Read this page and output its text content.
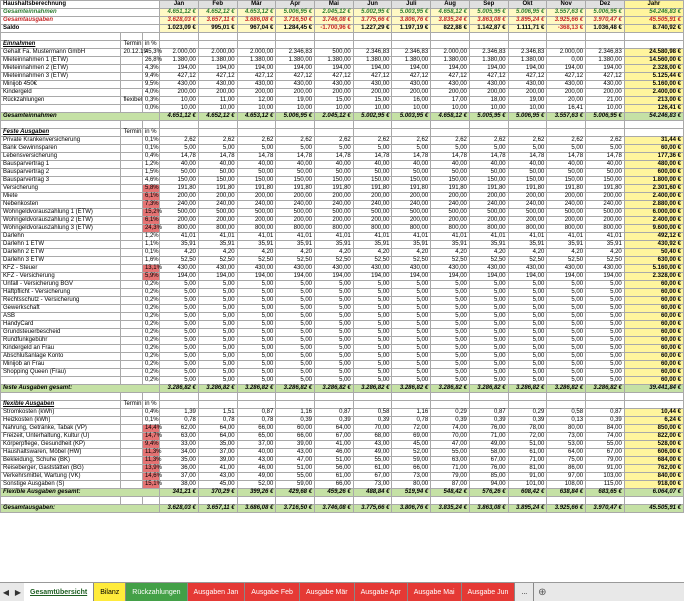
Haushaltsberechnung			Jan	Feb	Mär	Apr	Mai	Jun	Juli	Aug	Sep	Okt	Nov	Dez	Jahr
Gesamteinnahmen			4.651,12 €	4.652,12 €	4.653,12 €	5.006,95 €	2.045,12 €	5.002,95 €	5.003,95 €	4.658,12 €	5.005,95 €	5.006,95 €	3.557,63 €	5.006,95 €	54.246,83 €
Gesamtausgaben			3.628,03 €	3.657,11 €	3.686,08 €	3.716,50 €	3.746,08 €	3.775,66 €	3.806,76 €	3.835,24 €	3.863,08 €	3.895,24 €	3.925,66 €	3.970,47 €	45.505,91 €
Saldo			1.023,09 €	995,01 €	967,04 €	1.284,45 €	-1.700,96 €	1.227,29 €	1.197,19 €	822,88 €	1.142,87 €	1.111,71 €	-368,13 €	1.036,48 €	8.740,92 €

Einnahmen	Termin	in %													
Gehalt Fa. Mustermann GmbH	20.12.19	45,3%	2.000,00	2.000,00	2.000,00	2.346,83	500,00	2.346,83	2.346,83	2.000,00	2.346,83	2.346,83	2.000,00	2.346,83	24.580,98 €
Mieteinnahmen 1 (ETW)		26,8%	1.380,00	1.380,00	1.380,00	1.380,00	1.380,00	1.380,00	1.380,00	1.380,00	1.380,00	1.380,00	0,00	1.380,00	14.560,00 €
Mieteinnahmen 2 (ETW)		4,3%	194,00	194,00	194,00	194,00	194,00	194,00	194,00	194,00	194,00	194,00	194,00	194,00	2.328,00 €
Mieteinnahmen 3 (ETW)		9,4%	427,12	427,12	427,12	427,12	427,12	427,12	427,12	427,12	427,12	427,12	427,12	427,12	5.125,44 €
Minijob 450€		9,5%	430,00	430,00	430,00	430,00	430,00	430,00	430,00	430,00	430,00	430,00	430,00	430,00	5.160,00 €
Kindergeld		4,0%	200,00	200,00	200,00	200,00	200,00	200,00	200,00	200,00	200,00	200,00	200,00	200,00	2.400,00 €
Rückzahlungen	flexibel	0,3%	10,00	11,00	12,00	19,00	15,00	15,00	16,00	17,00	18,00	19,00	20,00	21,00	213,00 €
		0,0%	10,00	10,00	10,00	10,00	10,00	10,00	10,00	10,00	10,00	10,00	16,41	10,00	126,41 €
Gesamteinnahmen			4.651,12 €	4.652,12 €	4.653,12 €	5.006,95 €	2.045,12 €	5.002,95 €	5.003,95 €	4.658,12 €	5.005,95 €	5.006,95 €	3.557,63 €	5.006,95 €	54.246,83 €

Feste Ausgaben	Termin	in %													
Private Krankenversicherung		0,1%	2,62	2,62	2,62	2,62	2,62	2,62	2,62	2,62	2,62	2,62	2,62	2,62	31,44 €
Bank Gewinnsparen		0,1%	5,00	5,00	5,00	5,00	5,00	5,00	5,00	5,00	5,00	5,00	5,00	5,00	60,00 €
Lebensversicherung		0,4%	14,78	14,78	14,78	14,78	14,78	14,78	14,78	14,78	14,78	14,78	14,78	14,78	177,36 €
Bausparvertrag 1		1,2%	40,00	40,00	40,00	40,00	40,00	40,00	40,00	40,00	40,00	40,00	40,00	40,00	480,00 €
Bausparvertrag 2		1,5%	50,00	50,00	50,00	50,00	50,00	50,00	50,00	50,00	50,00	50,00	50,00	50,00	600,00 €
Bausparvertrag 3		4,6%	150,00	150,00	150,00	150,00	150,00	150,00	150,00	150,00	150,00	150,00	150,00	150,00	1.800,00 €
Versicherung		5,8%	191,80	191,80	191,80	191,80	191,80	191,80	191,80	191,80	191,80	191,80	191,80	191,80	2.301,60 €
Miete		6,1%	200,00	200,00	200,00	200,00	200,00	200,00	200,00	200,00	200,00	200,00	200,00	200,00	2.400,00 €
Nebenkosten		7,3%	240,00	240,00	240,00	240,00	240,00	240,00	240,00	240,00	240,00	240,00	240,00	240,00	2.880,00 €
Wohngeldvorauszahlung 1 (ETW)		15,2%	500,00	500,00	500,00	500,00	500,00	500,00	500,00	500,00	500,00	500,00	500,00	500,00	6.000,00 €
Wohngeldvorauszahlung 2 (ETW)		6,1%	200,00	200,00	200,00	200,00	200,00	200,00	200,00	200,00	200,00	200,00	200,00	200,00	2.400,00 €
Wohngeldvorauszahlung 3 (ETW)		24,3%	800,00	800,00	800,00	800,00	800,00	800,00	800,00	800,00	800,00	800,00	800,00	800,00	9.600,00 €
Darlehn		1,2%	41,01	41,01	41,01	41,01	41,01	41,01	41,01	41,01	41,01	41,01	41,01	41,01	492,12 €
Darlehn 1 ETW		1,1%	35,91	35,91	35,91	35,91	35,91	35,91	35,91	35,91	35,91	35,91	35,91	35,91	430,92 €
Darlehn 2 ETW		0,1%	4,20	4,20	4,20	4,20	4,20	4,20	4,20	4,20	4,20	4,20	4,20	4,20	50,40 €
Darlehn 3 ETW		1,6%	52,50	52,50	52,50	52,50	52,50	52,50	52,50	52,50	52,50	52,50	52,50	52,50	630,00 €
KFZ - Steuer		13,1%	430,00	430,00	430,00	430,00	430,00	430,00	430,00	430,00	430,00	430,00	430,00	430,00	5.160,00 €
KFZ - Versicherung		5,9%	194,00	194,00	194,00	194,00	194,00	194,00	194,00	194,00	194,00	194,00	194,00	194,00	2.328,00 €
Unfall - Versicherung BGV		0,2%	5,00	5,00	5,00	5,00	5,00	5,00	5,00	5,00	5,00	5,00	5,00	5,00	60,00 €
Haftpflicht - Versicherung		0,2%	5,00	5,00	5,00	5,00	5,00	5,00	5,00	5,00	5,00	5,00	5,00	5,00	60,00 €
Rechtsschutz - Versicherung		0,2%	5,00	5,00	5,00	5,00	5,00	5,00	5,00	5,00	5,00	5,00	5,00	5,00	60,00 €
Gewerkschaft		0,2%	5,00	5,00	5,00	5,00	5,00	5,00	5,00	5,00	5,00	5,00	5,00	5,00	60,00 €
ASB		0,2%	5,00	5,00	5,00	5,00	5,00	5,00	5,00	5,00	5,00	5,00	5,00	5,00	60,00 €
HandyCard		0,2%	5,00	5,00	5,00	5,00	5,00	5,00	5,00	5,00	5,00	5,00	5,00	5,00	60,00 €
Grundsteuerbescheid		0,2%	5,00	5,00	5,00	5,00	5,00	5,00	5,00	5,00	5,00	5,00	5,00	5,00	60,00 €
Rundfunkgebühr		0,2%	5,00	5,00	5,00	5,00	5,00	5,00	5,00	5,00	5,00	5,00	5,00	5,00	60,00 €
Kindergeld an Frau		0,2%	5,00	5,00	5,00	5,00	5,00	5,00	5,00	5,00	5,00	5,00	5,00	5,00	60,00 €
Abschlußanlage Konto		0,2%	5,00	5,00	5,00	5,00	5,00	5,00	5,00	5,00	5,00	5,00	5,00	5,00	60,00 €
Minijob an Frau		0,2%	5,00	5,00	5,00	5,00	5,00	5,00	5,00	5,00	5,00	5,00	5,00	5,00	60,00 €
Shopping Queen (Frau)		0,2%	5,00	5,00	5,00	5,00	5,00	5,00	5,00	5,00	5,00	5,00	5,00	5,00	60,00 €
		0,2%	5,00	5,00	5,00	5,00	5,00	5,00	5,00	5,00	5,00	5,00	5,00	5,00	60,00 €
feste Ausgaben gesamt:			3.286,82 €	3.286,82 €	3.286,82 €	3.286,82 €	3.286,82 €	3.286,82 €	3.286,82 €	3.286,82 €	3.286,82 €	3.286,82 €	3.286,82 €	3.286,82 €	39.441,84 €

flexible Ausgaben	Termin	in %													
Stromkosten (kWh)		0,4%	1,39	1,51	0,87	1,16	0,87	0,58	1,16	0,29	0,87	0,29	0,58	0,87	10,44 €
Heizkosten (kWh)		0,1%	0,78	0,78	0,78	0,39	0,39	0,39	0,78	0,39	0,39	0,39	0,13	0,39	6,24 €
Nahrung, Getränke, Tabak (VP)		14,4%	62,00	64,00	66,00	60,00	64,00	70,00	72,00	74,00	76,00	78,00	80,00	84,00	850,00 €
Freizeit, Unterhaltung, Kultur (U)		14,7%	63,00	64,00	65,00	66,00	67,00	68,00	69,00	70,00	71,00	72,00	73,00	74,00	822,00 €
Körperpflege, Gesundheit (KP)		9,4%	33,00	35,00	37,00	39,00	41,00	43,00	45,00	47,00	49,00	51,00	53,00	55,00	528,00 €
Haushaltswaren, Möbel (HW)		11,3%	34,00	37,00	40,00	43,00	46,00	49,00	52,00	55,00	58,00	61,00	64,00	67,00	606,00 €
Bekleidung, Schuhe (BK)		11,3%	35,00	39,00	43,00	47,00	51,00	55,00	59,00	63,00	67,00	71,00	75,00	79,00	684,00 €
Reiseberger, Gaststätten (BG)		13,9%	36,00	41,00	46,00	51,00	56,00	61,00	66,00	71,00	76,00	81,00	86,00	91,00	762,00 €
Verkehrsmittel, Wartung (VK)		14,6%	37,00	43,00	49,00	55,00	61,00	67,00	73,00	79,00	85,00	91,00	97,00	103,00	840,00 €
Sonstige Ausgaben (S)		15,1%	38,00	45,00	52,00	59,00	66,00	73,00	80,00	87,00	94,00	101,00	108,00	115,00	918,00 €
Flexible Ausgaben gesamt:			341,21 €	370,29 €	399,26 €	429,68 €	459,26 €	488,84 €	519,94 €	548,42 €	576,26 €	608,42 €	638,84 €	683,65 €	6.064,07 €

Gesamtausgaben:			3.628,03 €	3.657,11 €	3.686,08 €	3.716,50 €	3.746,08 €	3.775,66 €	3.806,76 €	3.835,24 €	3.863,08 €	3.895,24 €	3.925,66 €	3.970,47 €	45.505,91 €
◀ ▶	Gesamtübersicht	Bilanz	Rückzahlungen	Ausgaben Jan	Ausgabe Feb	Ausgabe Mär	Ausgabe Apr	Ausgabe Mai	Ausgabe Jun	...	⊕
